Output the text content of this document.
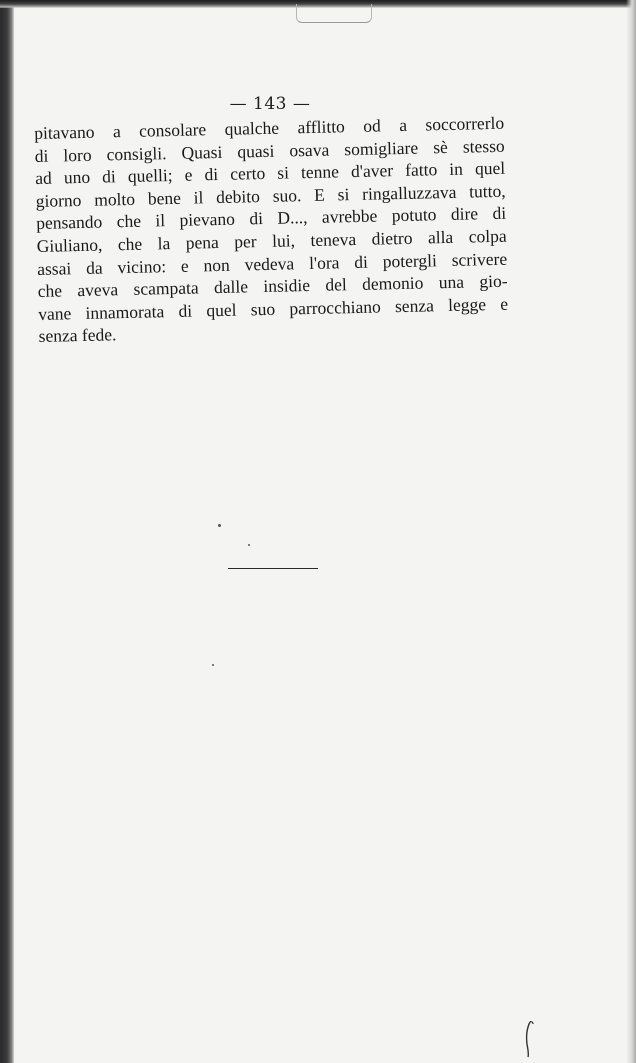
— 143 —
pitavano a consolare qualche afflitto od a soccorrerlo
di loro consigli. Quasi quasi osava somigliare sè stesso
ad uno di quelli; e di certo si tenne d'aver fatto in quel
giorno molto bene il debito suo. E si ringalluzzava tutto,
pensando che il pievano di D..., avrebbe potuto dire di
Giuliano, che la pena per lui, teneva dietro alla colpa
assai da vicino: e non vedeva l'ora di potergli scrivere
che aveva scampata dalle insidie del demonio una gio-
vane innamorata di quel suo parrocchiano senza legge e
senza fede.
